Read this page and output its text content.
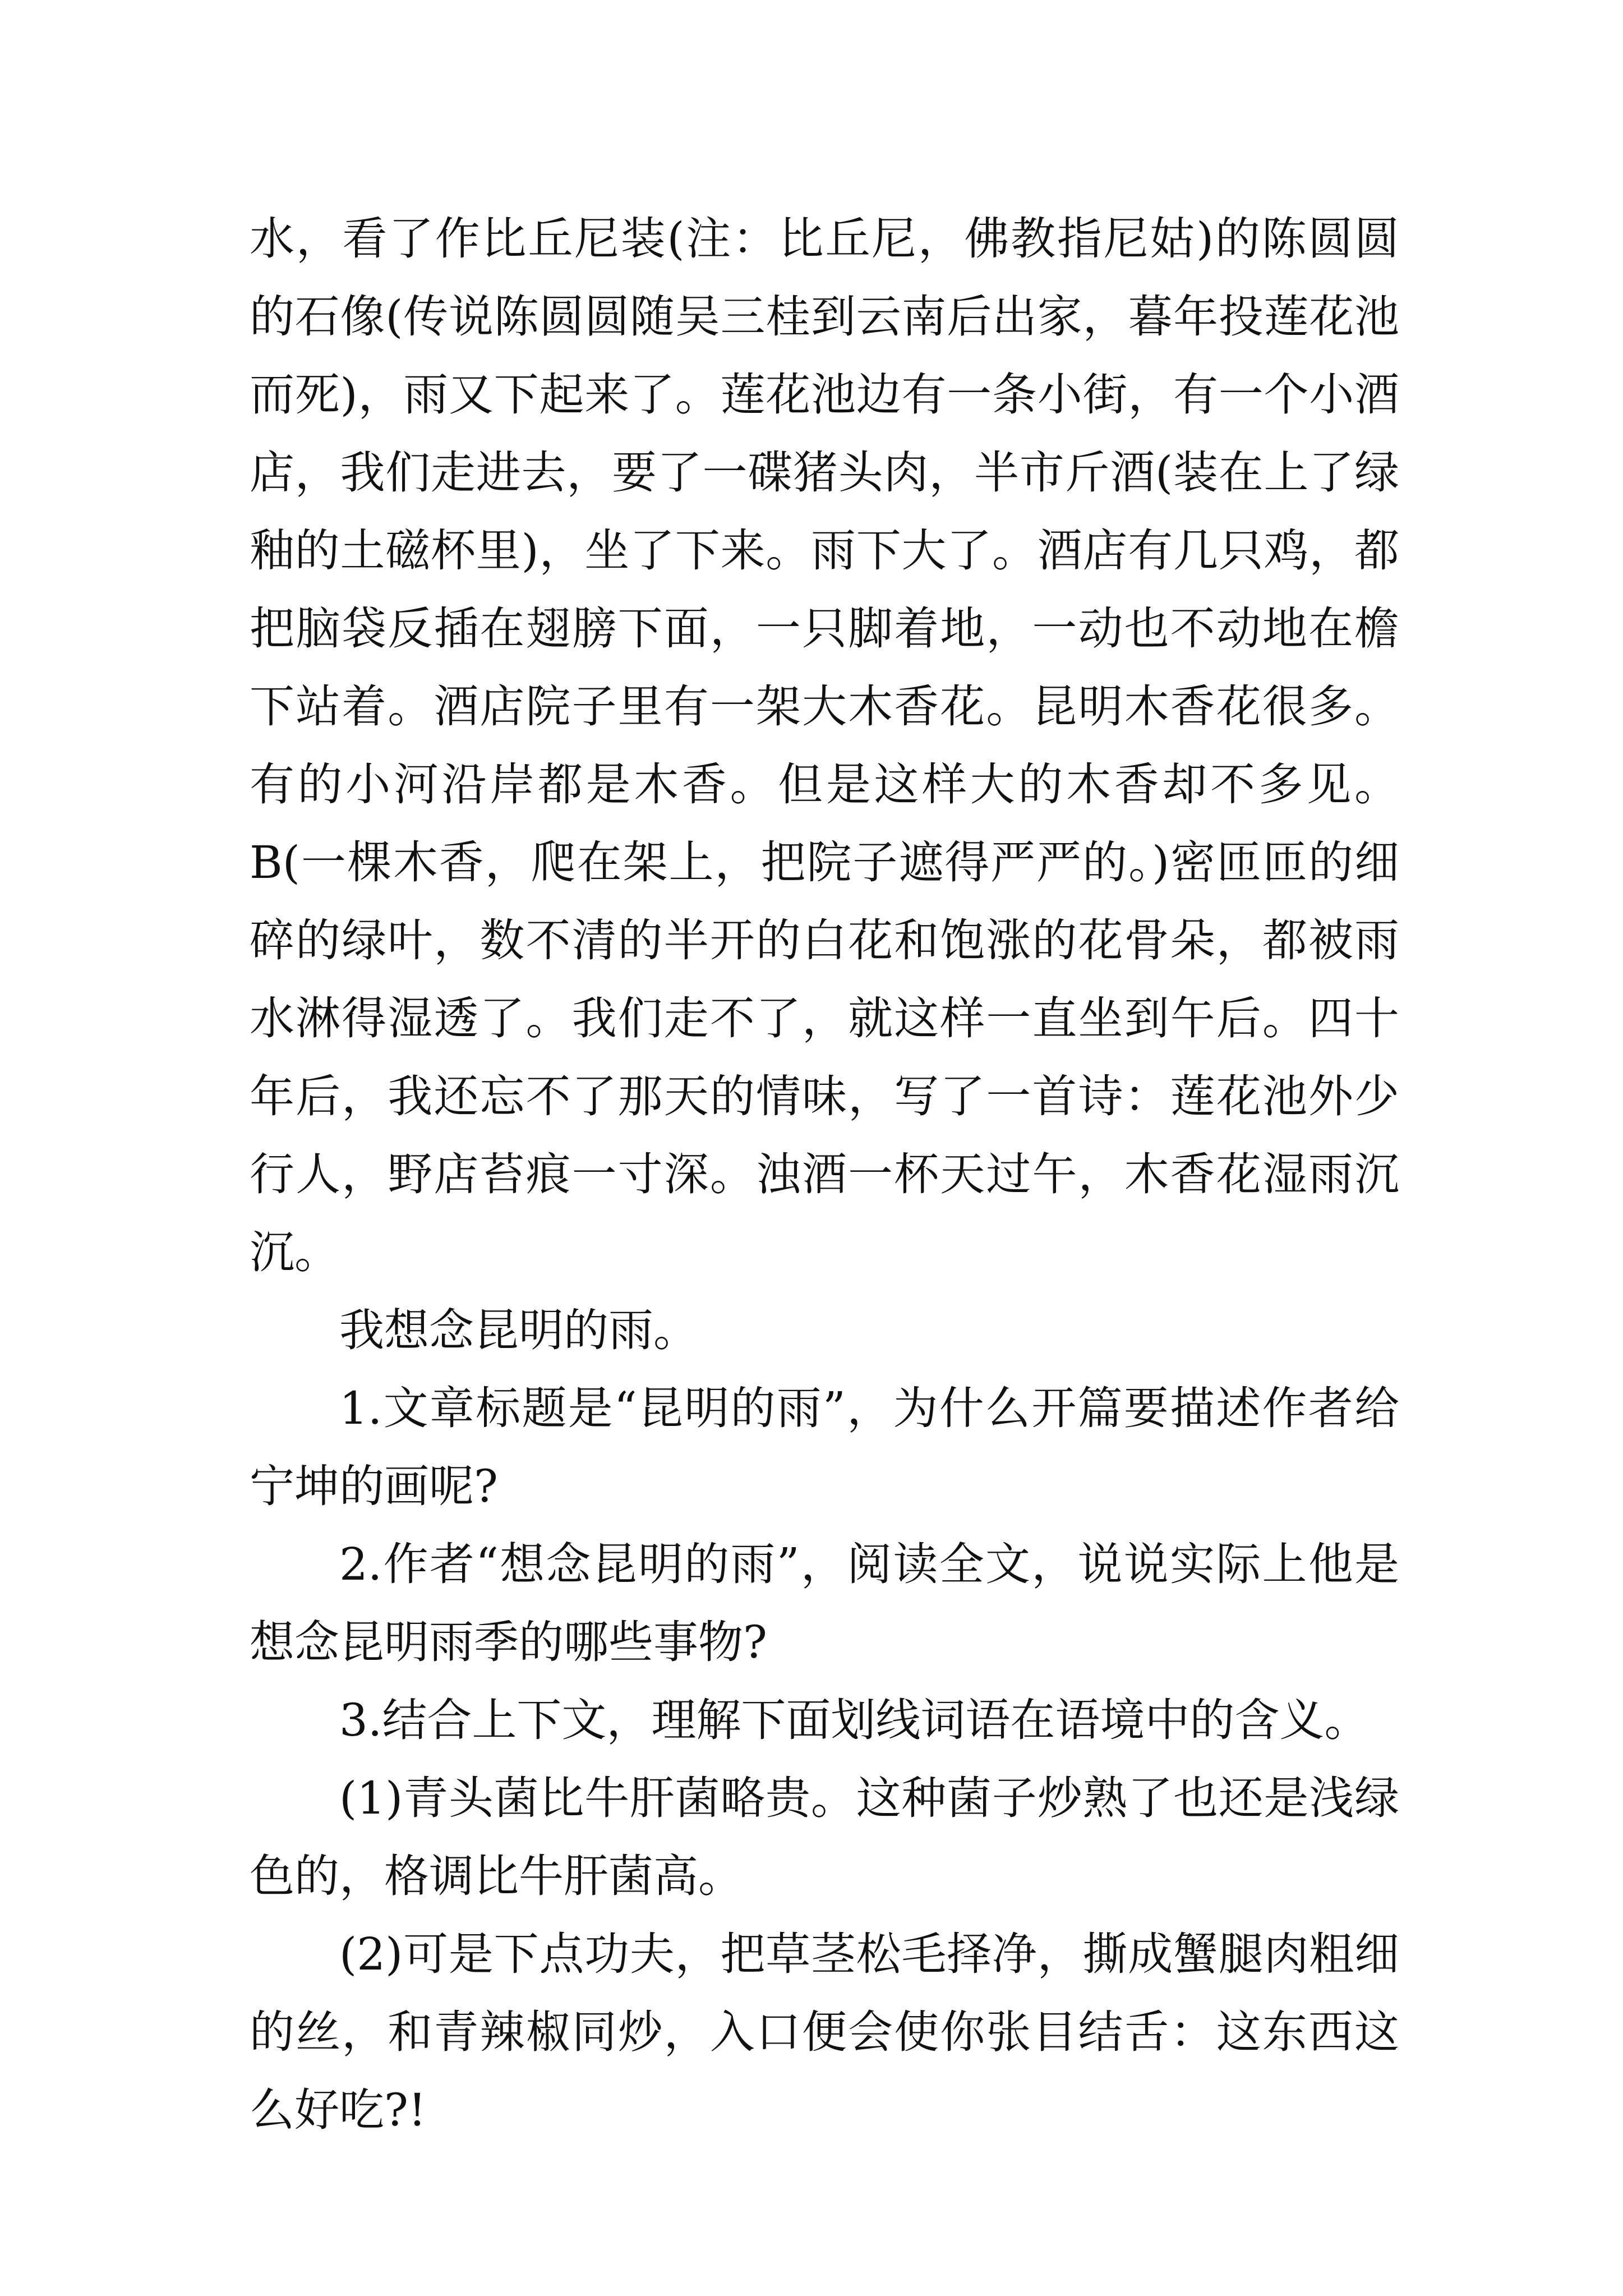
水，看了作比丘尼装(注：比丘尼，佛教指尼姑)的陈圆圆的石像(传说陈圆圆随吴三桂到云南后出家，暮年投莲花池而死)，雨又下起来了。莲花池边有一条小街，有一个小酒店，我们走进去，要了一碟猪头肉，半市斤酒(装在上了绿釉的土磁杯里)，坐了下来。雨下大了。酒店有几只鸡，都把脑袋反插在翅膀下面，一只脚着地，一动也不动地在檐下站着。酒店院子里有一架大木香花。昆明木香花很多。有的小河沿岸都是木香。但是这样大的木香却不多见。B(一棵木香，爬在架上，把院子遮得严严的。)密匝匝的细碎的绿叶，数不清的半开的白花和饱涨的花骨朵，都被雨水淋得湿透了。我们走不了，就这样一直坐到午后。四十年后，我还忘不了那天的情味，写了一首诗：莲花池外少行人，野店苔痕一寸深。浊酒一杯天过午，木香花湿雨沉沉。

我想念昆明的雨。

1.文章标题是“昆明的雨”，为什么开篇要描述作者给宁坤的画呢?

2.作者“想念昆明的雨”，阅读全文，说说实际上他是想念昆明雨季的哪些事物?

3.结合上下文，理解下面划线词语在语境中的含义。

(1)青头菌比牛肝菌略贵。这种菌子炒熟了也还是浅绿色的，格调比牛肝菌高。

(2)可是下点功夫，把草茎松毛择净，撕成蟹腿肉粗细的丝，和青辣椒同炒，入口便会使你张目结舌：这东西这么好吃?!
